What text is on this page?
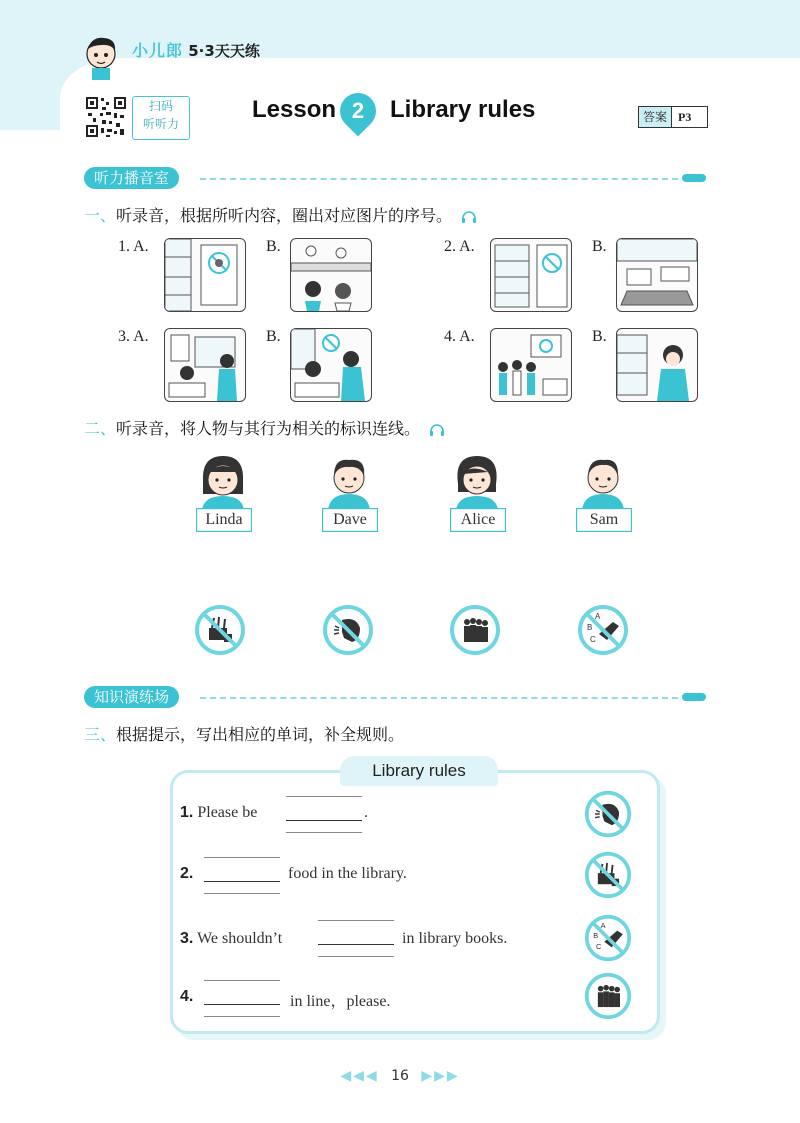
小儿郎 5·3天天练
扫码
听听力
Lesson 2	Library rules	答案 P3
听力播音室
一、听录音，根据所听内容，圈出对应图片的序号。
1. A.	B.	2. A.	B.
3. A.	B.	4. A.	B.
二、听录音，将人物与其行为相关的标识连线。
Linda	Dave	Alice	Sam
A
B
C
知识演练场
三、根据提示，写出相应的单词，补全规则。
Library rules
1. Please be	.
2.	food in the library.
3. We shouldn’t	in library books.
A
B
C
4.	in line，please.
◀◀◀ 16 ▶▶▶
